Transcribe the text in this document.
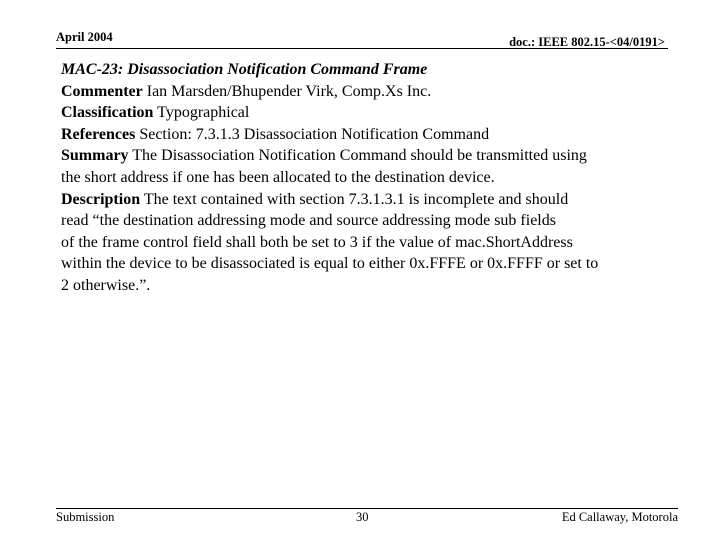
April 2004	doc.: IEEE 802.15-<04/0191>

MAC-23: Disassociation Notification Command Frame

Commenter Ian Marsden/Bhupender Virk, Comp.Xs Inc.

Classification Typographical

References Section: 7.3.1.3 Disassociation Notification Command

Summary The Disassociation Notification Command should be transmitted using

the short address if one has been allocated to the destination device.

Description The text contained with section 7.3.1.3.1 is incomplete and should

read “the destination addressing mode and source addressing mode sub fields

of the frame control field shall both be set to 3 if the value of mac.ShortAddress

within the device to be disassociated is equal to either 0x.FFFE or 0x.FFFF or set to

2 otherwise.”.

Submission	30	Ed Callaway, Motorola
